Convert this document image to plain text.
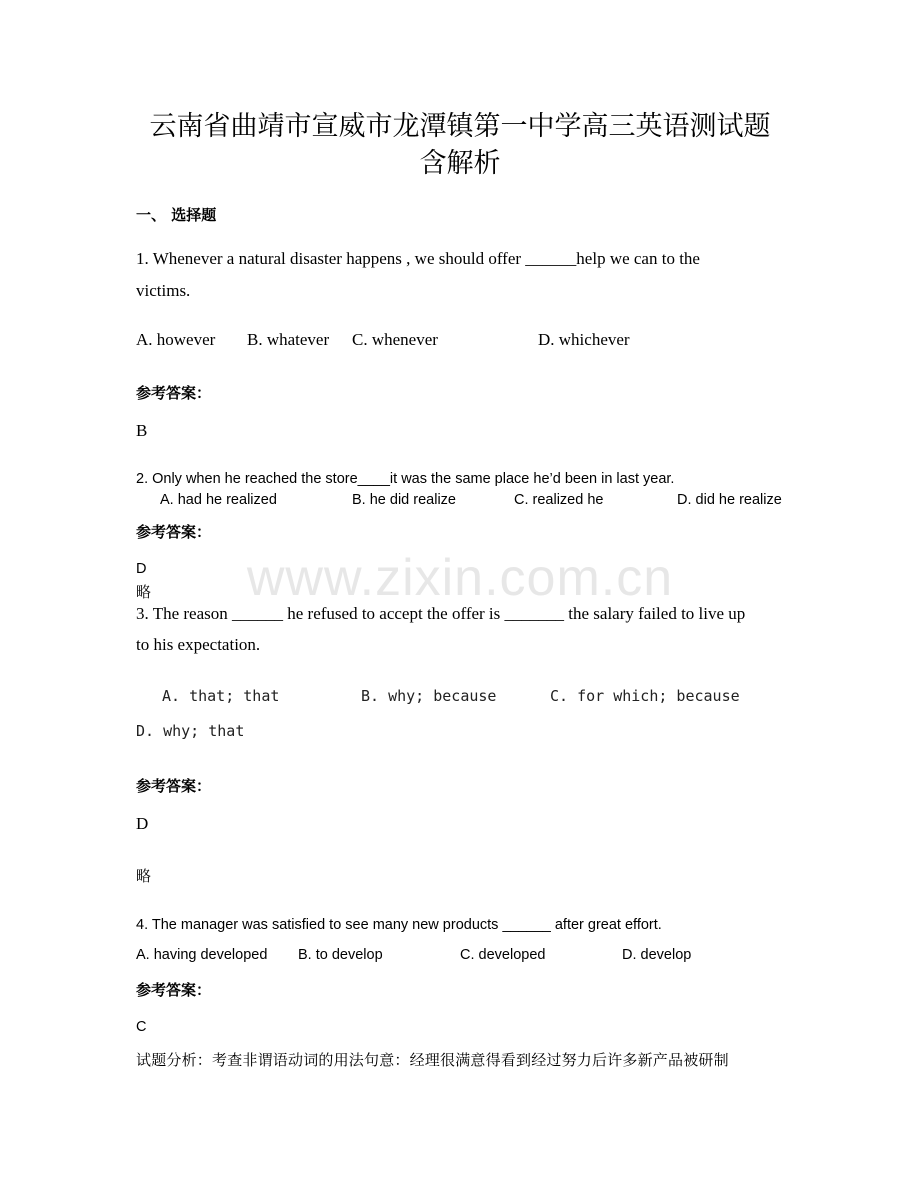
www.zixin.com.cn
云南省曲靖市宣威市龙潭镇第一中学高三英语测试题
含解析
一、 选择题
1. Whenever a natural disaster happens , we should offer ______help we can to the
victims.
A. however B. whatever C. whenever	D. whichever
参考答案：
B
2. Only when he reached the store____it was the same place he’d been in last year.
A. had he realized	B. he did realize	C. realized he	D. did he realize
参考答案：
D
略
3. The reason ______ he refused to accept the offer is _______ the salary failed to live up
to his expectation.
A. that; that	B. why; because	C. for which; because
D. why; that
参考答案：
D
略
4. The manager was satisfied to see many new products ______ after great effort.
A. having developed B. to develop	C. developed	D. develop
参考答案：
C
试题分析：考查非谓语动词的用法句意：经理很满意得看到经过努力后许多新产品被研制
